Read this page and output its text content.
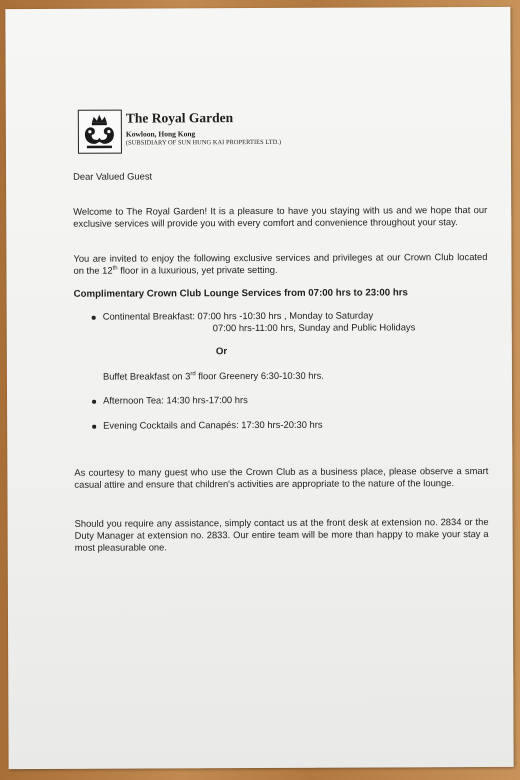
The Royal Garden
Kowloon, Hong Kong
(SUBSIDIARY OF SUN HUNG KAI PROPERTIES LTD.)
Dear Valued Guest

Welcome to The Royal Garden! It is a pleasure to have you staying with us and we hope that our exclusive services will provide you with every comfort and convenience throughout your stay.

You are invited to enjoy the following exclusive services and privileges at our Crown Club located on the 12th floor in a luxurious, yet private setting.

Complimentary Crown Club Lounge Services from 07:00 hrs to 23:00 hrs
Continental Breakfast: 07:00 hrs -10:30 hrs , Monday to Saturday
07:00 hrs-11:00 hrs, Sunday and Public Holidays
Or
Buffet Breakfast on 3rd floor Greenery 6:30-10:30 hrs.
Afternoon Tea: 14:30 hrs-17:00 hrs
Evening Cocktails and Canapés: 17:30 hrs-20:30 hrs

As courtesy to many guest who use the Crown Club as a business place, please observe a smart casual attire and ensure that children's activities are appropriate to the nature of the lounge.

Should you require any assistance, simply contact us at the front desk at extension no. 2834 or the Duty Manager at extension no. 2833. Our entire team will be more than happy to make your stay a most pleasurable one.
